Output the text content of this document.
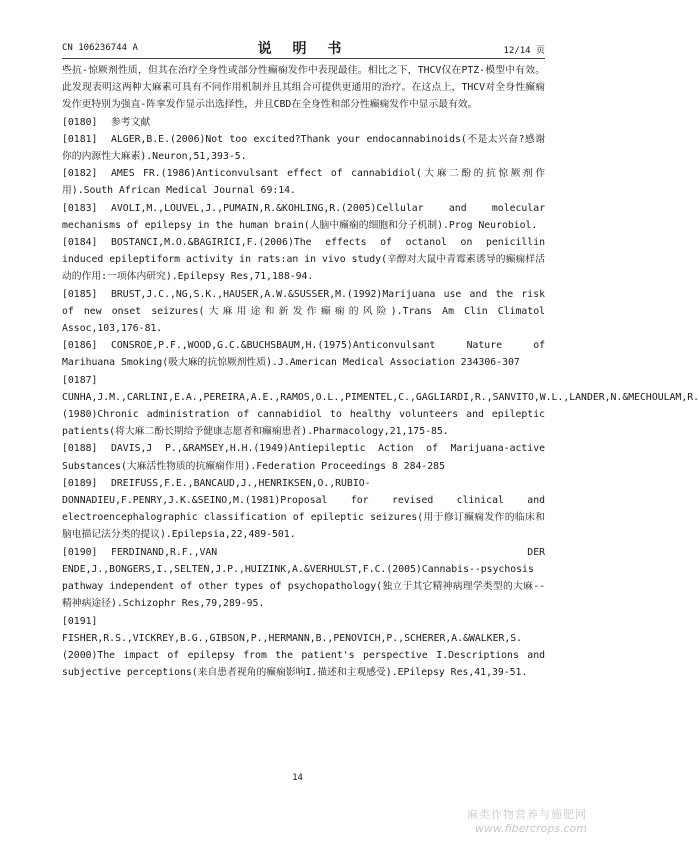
CN 106236744 A	说 明 书	12/14 页

些抗-惊厥剂性质，但其在治疗全身性或部分性癫痫发作中表现最佳。相比之下，THCV仅在PTZ-模型中有效。此发现表明这两种大麻素可具有不同作用机制并且其组合可提供更通用的治疗。在这点上，THCV对全身性癫痫发作更特别为强直-阵挛发作显示出选择性，并且CBD在全身性和部分性癫痫发作中显示最有效。

[0180] 参考文献

[0181] ALGER,B.E.(2006)Not too excited?Thank your endocannabinoids(不是太兴奋?感谢你的内源性大麻素).Neuron,51,393-5.

[0182] AMES FR.(1986)Anticonvulsant effect of cannabidiol(大麻二酚的抗惊厥剂作用).South African Medical Journal 69:14.

[0183] AVOLI,M.,LOUVEL,J.,PUMAIN,R.&KOHLING,R.(2005)Cellular and molecular mechanisms of epilepsy in the human brain(人脑中癫痫的细胞和分子机制).Prog Neurobiol.

[0184] BOSTANCI,M.O.&BAGIRICI,F.(2006)The effects of octanol on penicillin induced epileptiform activity in rats:an in vivo study(辛醇对大鼠中青霉素诱导的癫痫样活动的作用:一项体内研究).Epilepsy Res,71,188-94.

[0185] BRUST,J.C.,NG,S.K.,HAUSER,A.W.&SUSSER,M.(1992)Marijuana use and the risk of new onset seizures(大麻用途和新发作癫痫的风险).Trans Am Clin Climatol Assoc,103,176-81.

[0186] CONSROE,P.F.,WOOD,G.C.&BUCHSBAUM,H.(1975)Anticonvulsant Nature of Marihuana Smoking(吸大麻的抗惊厥剂性质).J.American Medical Association 234306-307

[0187]CUNHA,J.M.,CARLINI,E.A.,PEREIRA,A.E.,RAMOS,O.L.,PIMENTEL,C.,GAGLIARDI,R.,SANVITO,W.L.,LANDER,N.&MECHOULAM,R.(1980)Chronic administration of cannabidiol to healthy volunteers and epileptic patients(将大麻二酚长期给予健康志愿者和癫痫患者).Pharmacology,21,175-85.

[0188] DAVIS,J P.,&RAMSEY,H.H.(1949)Antiepileptic Action of Marijuana-active Substances(大麻活性物质的抗癫痫作用).Federation Proceedings 8 284-285

[0189] DREIFUSS,F.E.,BANCAUD,J.,HENRIKSEN,O.,RUBIO-DONNADIEU,F.PENRY,J.K.&SEINO,M.(1981)Proposal for revised clinical and electroencephalographic classification of epileptic seizures(用于修订癫痫发作的临床和脑电描记法分类的提议).Epilepsia,22,489-501.

[0190] FERDINAND,R.F.,VAN DER ENDE,J.,BONGERS,I.,SELTEN,J.P.,HUIZINK,A.&VERHULST,F.C.(2005)Cannabis--psychosis pathway independent of other types of psychopathology(独立于其它精神病理学类型的大麻--精神病途径).Schizophr Res,79,289-95.

[0191]FISHER,R.S.,VICKREY,B.G.,GIBSON,P.,HERMANN,B.,PENOVICH,P.,SCHERER,A.&WALKER,S.(2000)The impact of epilepsy from the patient's perspective I.Descriptions and subjective perceptions(来自患者视角的癫痫影响I.描述和主观感受).EPilepsy Res,41,39-51.

14
麻类作物营养与施肥网
www.fibercrops.com
